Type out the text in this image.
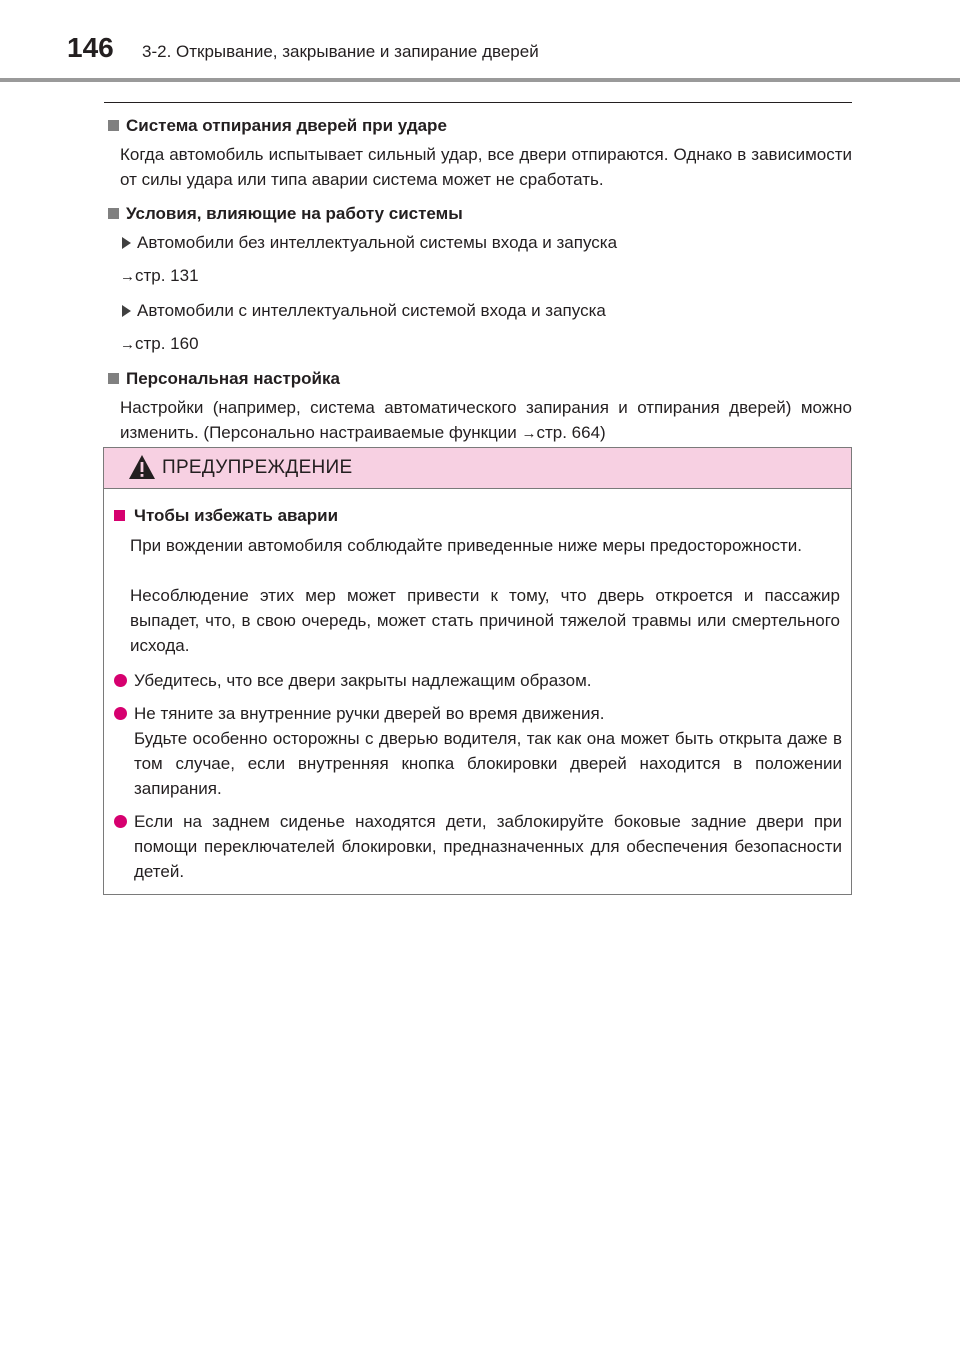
146 3-2. Открывание, закрывание и запирание дверей
Система отпирания дверей при ударе
Когда автомобиль испытывает сильный удар, все двери отпираются. Однако в зависимости от силы удара или типа аварии система может не сработать.
Условия, влияющие на работу системы
Автомобили без интеллектуальной системы входа и запуска
→стр. 131
Автомобили с интеллектуальной системой входа и запуска
→стр. 160
Персональная настройка
Настройки (например, система автоматического запирания и отпирания дверей) можно изменить. (Персонально настраиваемые функции →стр. 664)
ПРЕДУПРЕЖДЕНИЕ
Чтобы избежать аварии
При вождении автомобиля соблюдайте приведенные ниже меры предосторожности.
Несоблюдение этих мер может привести к тому, что дверь откроется и пассажир выпадет, что, в свою очередь, может стать причиной тяжелой травмы или смертельного исхода.
Убедитесь, что все двери закрыты надлежащим образом.
Не тяните за внутренние ручки дверей во время движения.
Будьте особенно осторожны с дверью водителя, так как она может быть открыта даже в том случае, если внутренняя кнопка блокировки дверей находится в положении запирания.
Если на заднем сиденье находятся дети, заблокируйте боковые задние двери при помощи переключателей блокировки, предназначенных для обеспечения безопасности детей.
